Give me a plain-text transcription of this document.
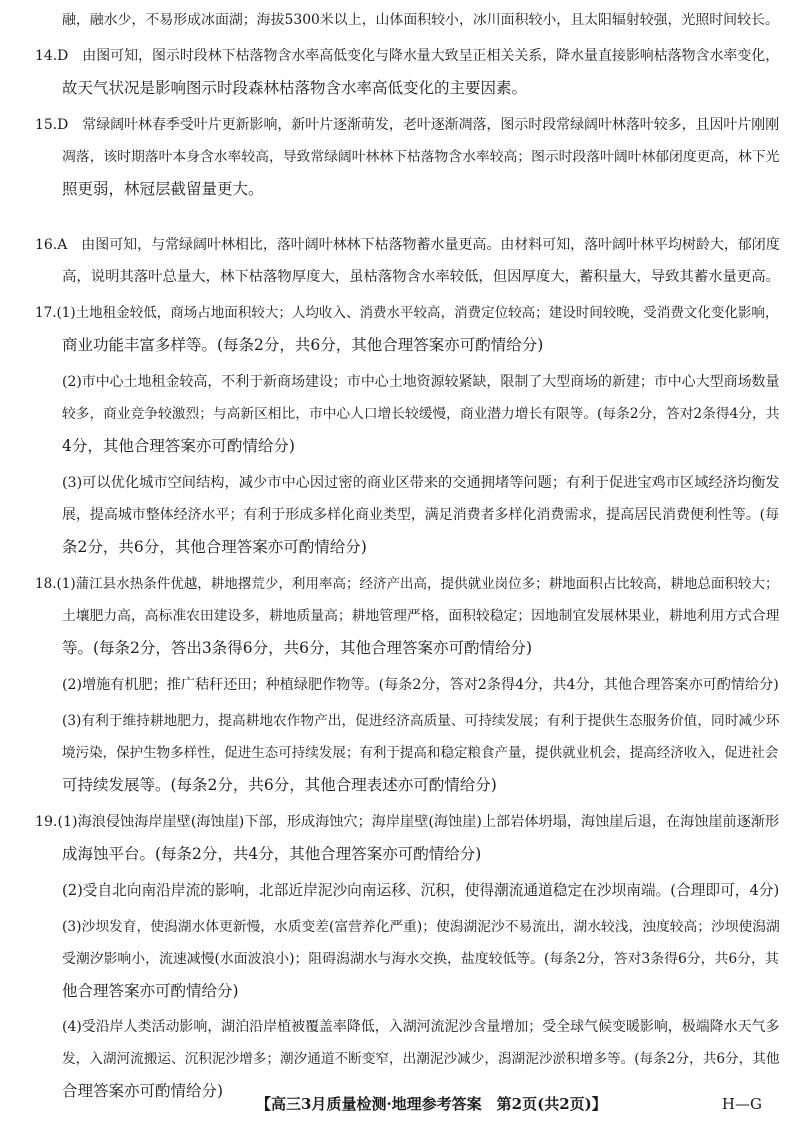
融，融水少，不易形成冰面湖；海拔5300米以上，山体面积较小，冰川面积较小，且太阳辐射较强，光照时间较长。
14.D　由图可知，图示时段林下枯落物含水率高低变化与降水量大致呈正相关关系，降水量直接影响枯落物含水率变化，
故天气状况是影响图示时段森林枯落物含水率高低变化的主要因素。
15.D　常绿阔叶林春季受叶片更新影响，新叶片逐渐萌发，老叶逐渐凋落，图示时段常绿阔叶林落叶较多，且因叶片刚刚
凋落，该时期落叶本身含水率较高，导致常绿阔叶林林下枯落物含水率较高；图示时段落叶阔叶林郁闭度更高，林下光
照更弱，林冠层截留量更大。
16.A　由图可知，与常绿阔叶林相比，落叶阔叶林林下枯落物蓄水量更高。由材料可知，落叶阔叶林平均树龄大，郁闭度
高，说明其落叶总量大，林下枯落物厚度大，虽枯落物含水率较低，但因厚度大，蓄积量大，导致其蓄水量更高。
17.(1)土地租金较低，商场占地面积较大；人均收入、消费水平较高，消费定位较高；建设时间较晚，受消费文化变化影响，
商业功能丰富多样等。(每条2分，共6分，其他合理答案亦可酌情给分)
(2)市中心土地租金较高，不利于新商场建设；市中心土地资源较紧缺，限制了大型商场的新建；市中心大型商场数量
较多，商业竞争较激烈；与高新区相比，市中心人口增长较缓慢，商业潜力增长有限等。(每条2分，答对2条得4分，共
4分，其他合理答案亦可酌情给分)
(3)可以优化城市空间结构，减少市中心因过密的商业区带来的交通拥堵等问题；有利于促进宝鸡市区域经济均衡发
展，提高城市整体经济水平；有利于形成多样化商业类型，满足消费者多样化消费需求，提高居民消费便利性等。(每
条2分，共6分，其他合理答案亦可酌情给分)
18.(1)蒲江县水热条件优越，耕地撂荒少，利用率高；经济产出高，提供就业岗位多；耕地面积占比较高，耕地总面积较大；
土壤肥力高，高标准农田建设多，耕地质量高；耕地管理严格，面积较稳定；因地制宜发展林果业，耕地利用方式合理
等。(每条2分，答出3条得6分，共6分，其他合理答案亦可酌情给分)
(2)增施有机肥；推广秸秆还田；种植绿肥作物等。(每条2分，答对2条得4分，共4分，其他合理答案亦可酌情给分)
(3)有利于维持耕地肥力，提高耕地农作物产出，促进经济高质量、可持续发展；有利于提供生态服务价值，同时减少环
境污染，保护生物多样性，促进生态可持续发展；有利于提高和稳定粮食产量，提供就业机会，提高经济收入，促进社会
可持续发展等。(每条2分，共6分，其他合理表述亦可酌情给分)
19.(1)海浪侵蚀海岸崖壁(海蚀崖)下部，形成海蚀穴；海岸崖壁(海蚀崖)上部岩体坍塌，海蚀崖后退，在海蚀崖前逐渐形
成海蚀平台。(每条2分，共4分，其他合理答案亦可酌情给分)
(2)受自北向南沿岸流的影响，北部近岸泥沙向南运移、沉积，使得潮流通道稳定在沙坝南端。(合理即可，4分)
(3)沙坝发育，使潟湖水体更新慢，水质变差(富营养化严重)；使潟湖泥沙不易流出，湖水较浅，浊度较高；沙坝使潟湖
受潮汐影响小，流速减慢(水面波浪小)；阻碍潟湖水与海水交换，盐度较低等。(每条2分，答对3条得6分，共6分，其
他合理答案亦可酌情给分)
(4)受沿岸人类活动影响，湖泊沿岸植被覆盖率降低，入湖河流泥沙含量增加；受全球气候变暖影响，极端降水天气多
发，入湖河流搬运、沉积泥沙增多；潮汐通道不断变窄，出潮泥沙减少，潟湖泥沙淤积增多等。(每条2分，共6分，其他
合理答案亦可酌情给分)
【高三3月质量检测·地理参考答案　第2页(共2页)】	H—G
